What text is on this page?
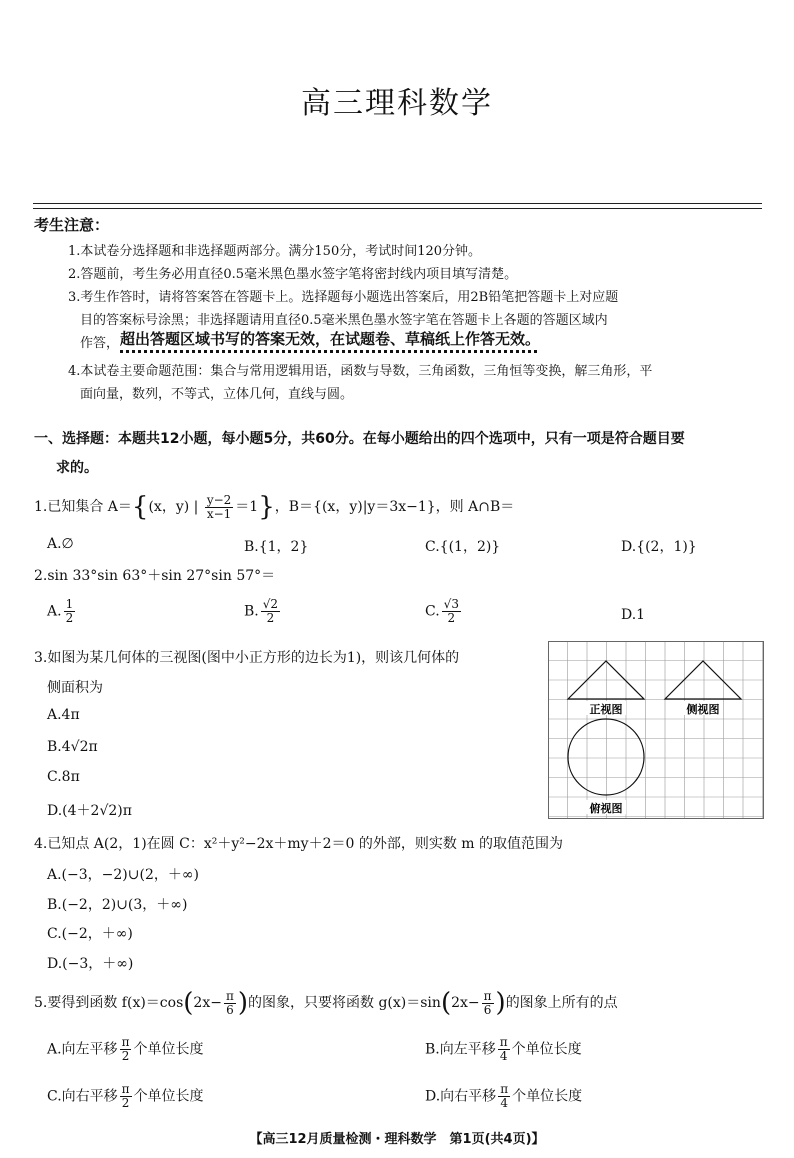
高三理科数学
考生注意：
1.本试卷分选择题和非选择题两部分。满分150分，考试时间120分钟。
2.答题前，考生务必用直径0.5毫米黑色墨水签字笔将密封线内项目填写清楚。
3.考生作答时，请将答案答在答题卡上。选择题每小题选出答案后，用2B铅笔把答题卡上对应题
目的答案标号涂黑；非选择题请用直径0.5毫米黑色墨水签字笔在答题卡上各题的答题区域内
作答， 超出答题区域书写的答案无效，在试题卷、草稿纸上作答无效。
4.本试卷主要命题范围：集合与常用逻辑用语，函数与导数，三角函数，三角恒等变换，解三角形，平
面向量，数列，不等式，立体几何，直线与圆。
一、选择题：本题共12小题，每小题5分，共60分。在每小题给出的四个选项中，只有一项是符合题目要
求的。
1.已知集合 A＝{(x，y) | $\frac{y-2}{x-1} =1$}，B＝{(x，y)|y＝3x−1}，则 A∩B＝
A.∅	B.{1，2}	C.{(1，2)}	D.{(2，1)}
2.sin 33°sin 63°＋sin 27°sin 57°＝
A. $\frac{1}{2}$	B. $\frac{√2}{2}$	C. $\frac{√3}{2}$	D.1
3.如图为某几何体的三视图(图中小正方形的边长为1)，则该几何体的
侧面积为
A.4π
B.4√2π
C.8π
D.(4＋2√2)π
正视图	侧视图
俯视图
4.已知点 A(2，1)在圆 C：x²＋y²−2x＋my＋2＝0 的外部，则实数 m 的取值范围为
A.(−3，−2)∪(2，＋∞)
B.(−2，2)∪(3，＋∞)
C.(−2，＋∞)
D.(−3，＋∞)
5.要得到函数 $f(x)=\cos(2x- \frac{\pi}{6}$ )的图象，只要将函数 $g(x)=\sin(2x- \frac{\pi}{6}$ )的图象上所有的点
A.向左平移 $\frac{\pi}{2}$ 个单位长度	B.向左平移 $\frac{\pi}{4}$ 个单位长度
C.向右平移 $\frac{\pi}{2}$ 个单位长度	D.向右平移 $\frac{\pi}{4}$ 个单位长度
【高三12月质量检测・理科数学　第1页(共4页)】
